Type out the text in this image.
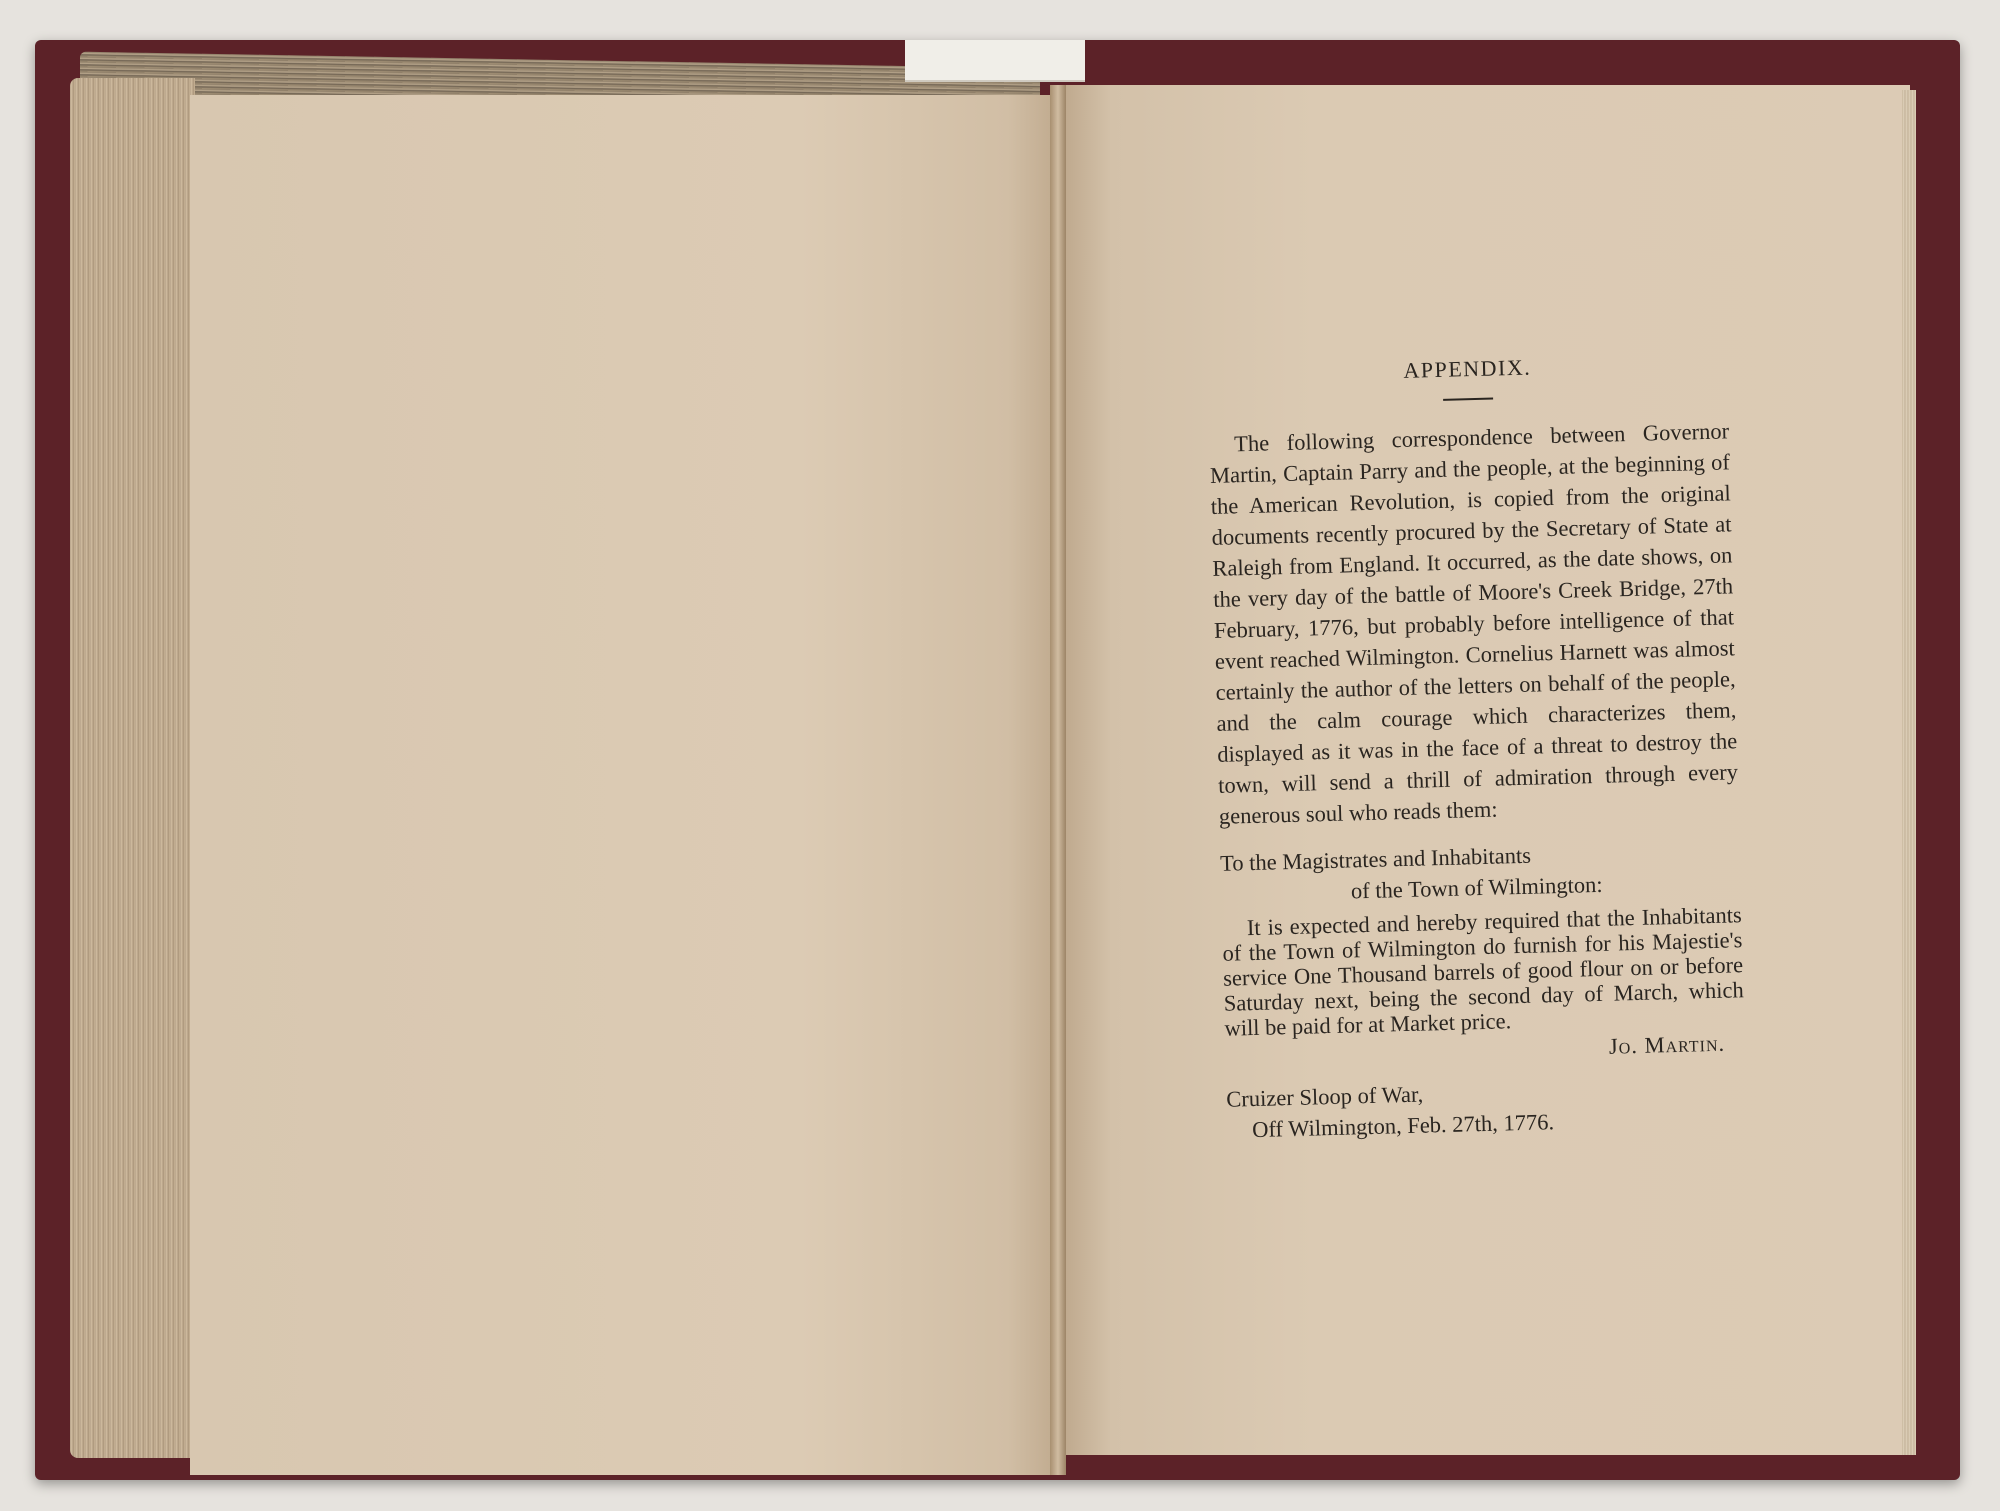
APPENDIX.

The following correspondence between Governor Martin, Captain Parry and the people, at the beginning of the American Revolution, is copied from the original documents recently procured by the Secretary of State at Raleigh from England. It occurred, as the date shows, on the very day of the battle of Moore's Creek Bridge, 27th February, 1776, but probably before intelligence of that event reached Wilmington. Cornelius Harnett was almost certainly the author of the letters on behalf of the people, and the calm courage which characterizes them, displayed as it was in the face of a threat to destroy the town, will send a thrill of admiration through every generous soul who reads them:

To the Magistrates and Inhabitants
of the Town of Wilmington:

It is expected and hereby required that the Inhabitants of the Town of Wilmington do furnish for his Majestie's service One Thousand barrels of good flour on or before Saturday next, being the second day of March, which will be paid for at Market price.

Jo. Martin.
Cruizer Sloop of War,
Off Wilmington, Feb. 27th, 1776.
